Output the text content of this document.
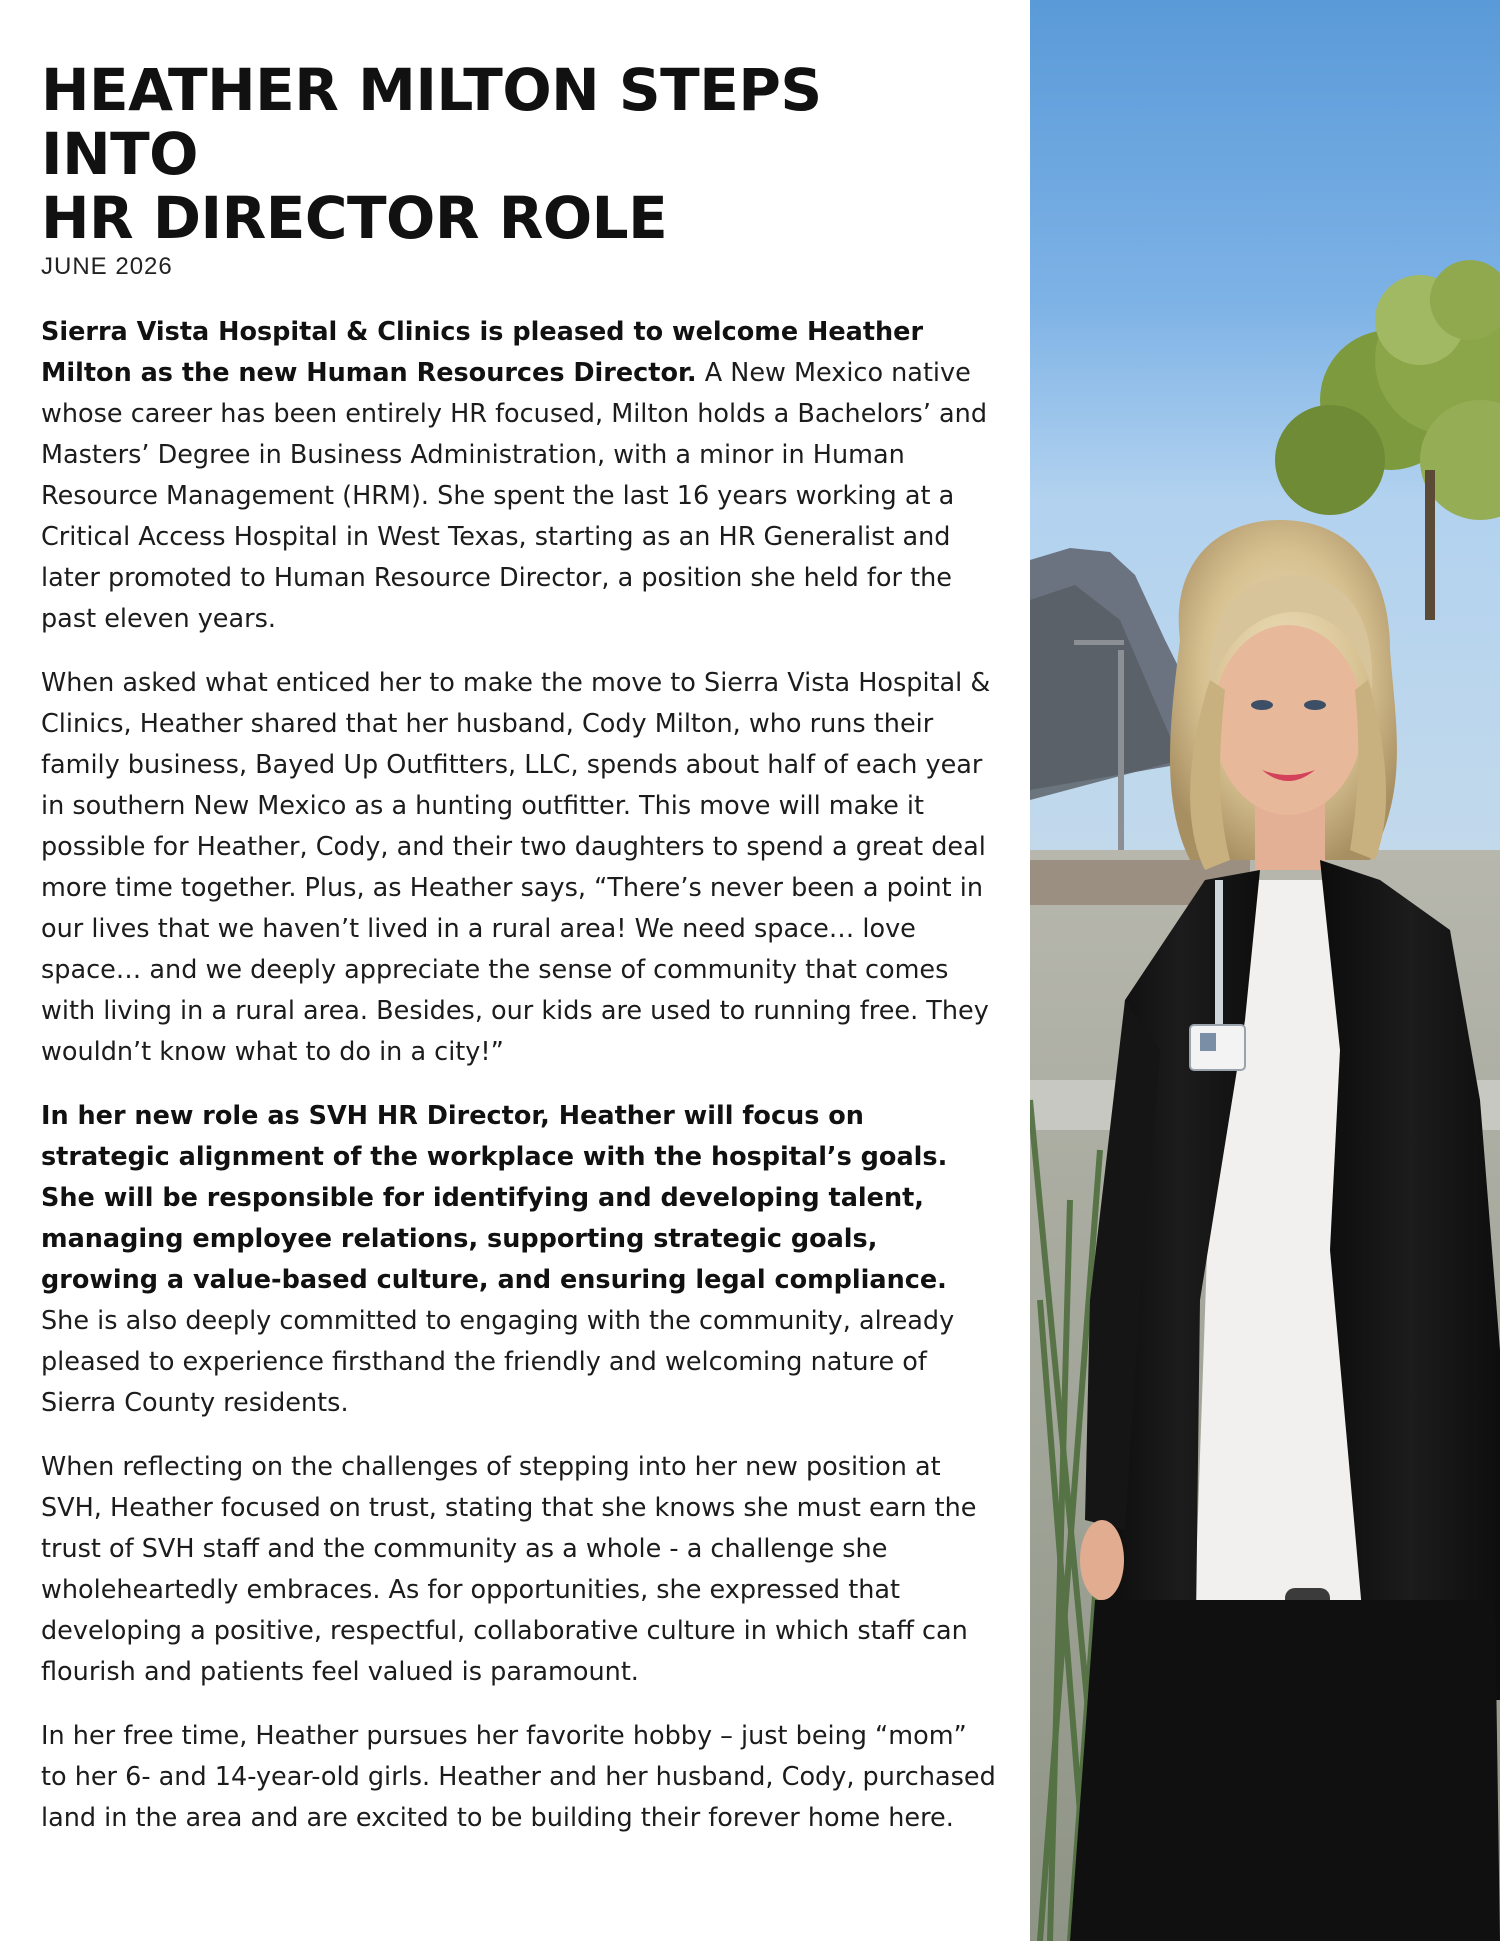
HEATHER MILTON STEPS INTO
HR DIRECTOR ROLE
JUNE 2026

Sierra Vista Hospital & Clinics is pleased to welcome Heather Milton as the new Human Resources Director. A New Mexico native whose career has been entirely HR focused, Milton holds a Bachelors’ and Masters’ Degree in Business Administration, with a minor in Human Resource Management (HRM). She spent the last 16 years working at a Critical Access Hospital in West Texas, starting as an HR Generalist and later promoted to Human Resource Director, a position she held for the past eleven years.

When asked what enticed her to make the move to Sierra Vista Hospital & Clinics, Heather shared that her husband, Cody Milton, who runs their family business, Bayed Up Outfitters, LLC, spends about half of each year in southern New Mexico as a hunting outfitter. This move will make it possible for Heather, Cody, and their two daughters to spend a great deal more time together. Plus, as Heather says, “There’s never been a point in our lives that we haven’t lived in a rural area! We need space… love space… and we deeply appreciate the sense of community that comes with living in a rural area. Besides, our kids are used to running free. They wouldn’t know what to do in a city!”

In her new role as SVH HR Director, Heather will focus on strategic alignment of the workplace with the hospital’s goals. She will be responsible for identifying and developing talent, managing employee relations, supporting strategic goals, growing a value-based culture, and ensuring legal compliance. She is also deeply committed to engaging with the community, already pleased to experience firsthand the friendly and welcoming nature of Sierra County residents.

When reflecting on the challenges of stepping into her new position at SVH, Heather focused on trust, stating that she knows she must earn the trust of SVH staff and the community as a whole - a challenge she wholeheartedly embraces. As for opportunities, she expressed that developing a positive, respectful, collaborative culture in which staff can flourish and patients feel valued is paramount.

In her free time, Heather pursues her favorite hobby – just being “mom” to her 6- and 14-year-old girls. Heather and her husband, Cody, purchased land in the area and are excited to be building their forever home here.
